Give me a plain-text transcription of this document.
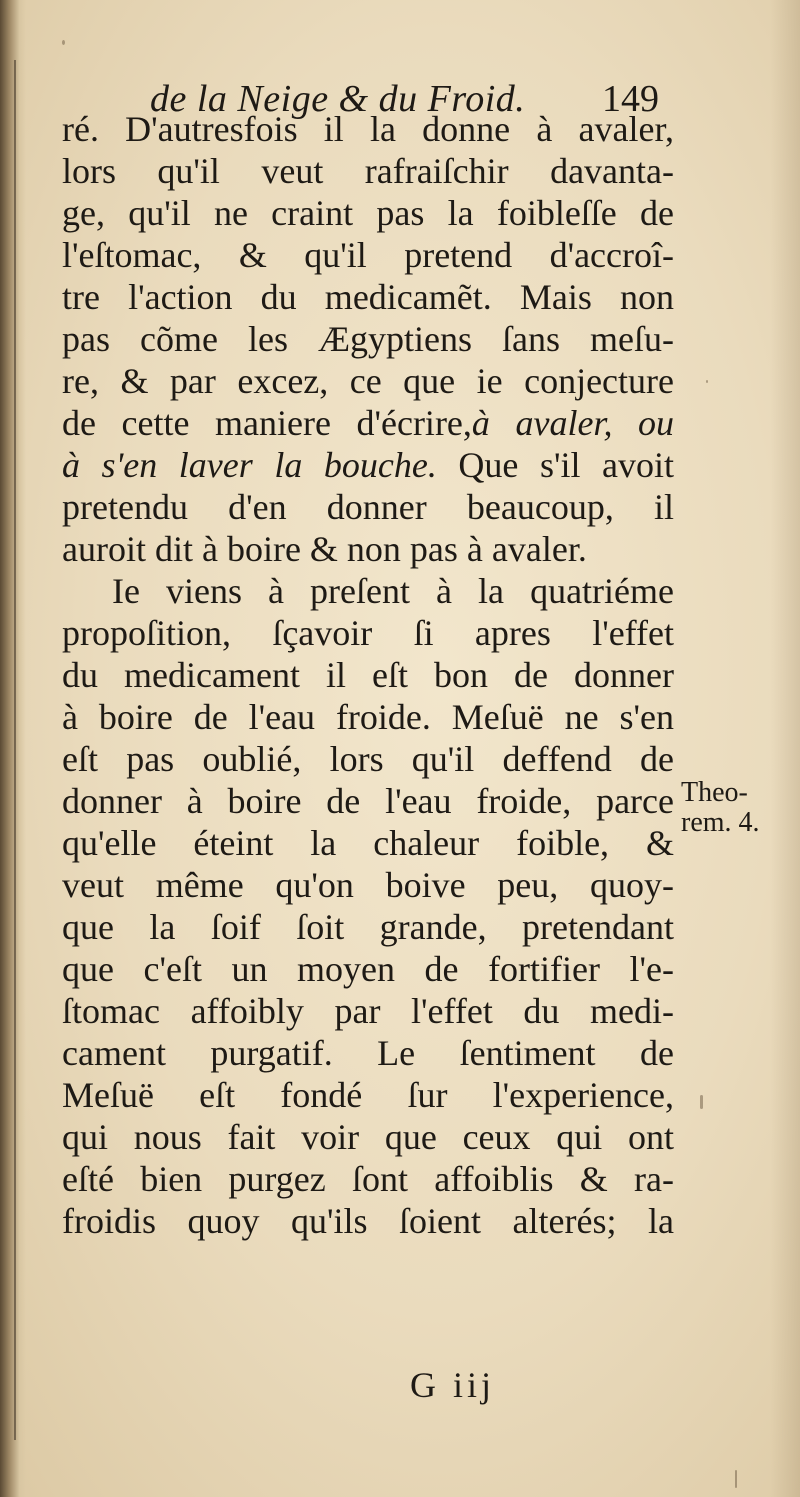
de la Neige & du Froid. 149
ré. D'autresfois il la donne à avaler,
lors qu'il veut rafraiſchir davanta-
ge, qu'il ne craint pas la foibleſſe de
l'eſtomac, & qu'il pretend d'accroî-
tre l'action du medicamẽt. Mais non
pas cõme les Ægyptiens ſans meſu-
re, & par excez, ce que ie conjecture
de cette maniere d'écrire,à avaler, ou
à s'en laver la bouche. Que s'il avoit
pretendu d'en donner beaucoup, il
auroit dit à boire & non pas à avaler.
Ie viens à preſent à la quatriéme
propoſition, ſçavoir ſi apres l'effet
du medicament il eſt bon de donner
à boire de l'eau froide. Meſuë ne s'en
eſt pas oublié, lors qu'il deffend de
donner à boire de l'eau froide, parce
qu'elle éteint la chaleur foible, &
veut même qu'on boive peu, quoy-
que la ſoif ſoit grande, pretendant
que c'eſt un moyen de fortifier l'e-
ſtomac affoibly par l'effet du medi-
cament purgatif. Le ſentiment de
Meſuë eſt fondé ſur l'experience,
qui nous fait voir que ceux qui ont
eſté bien purgez ſont affoiblis & ra-
froidis quoy qu'ils ſoient alterés; la
Theo-
rem. 4.
G iij
